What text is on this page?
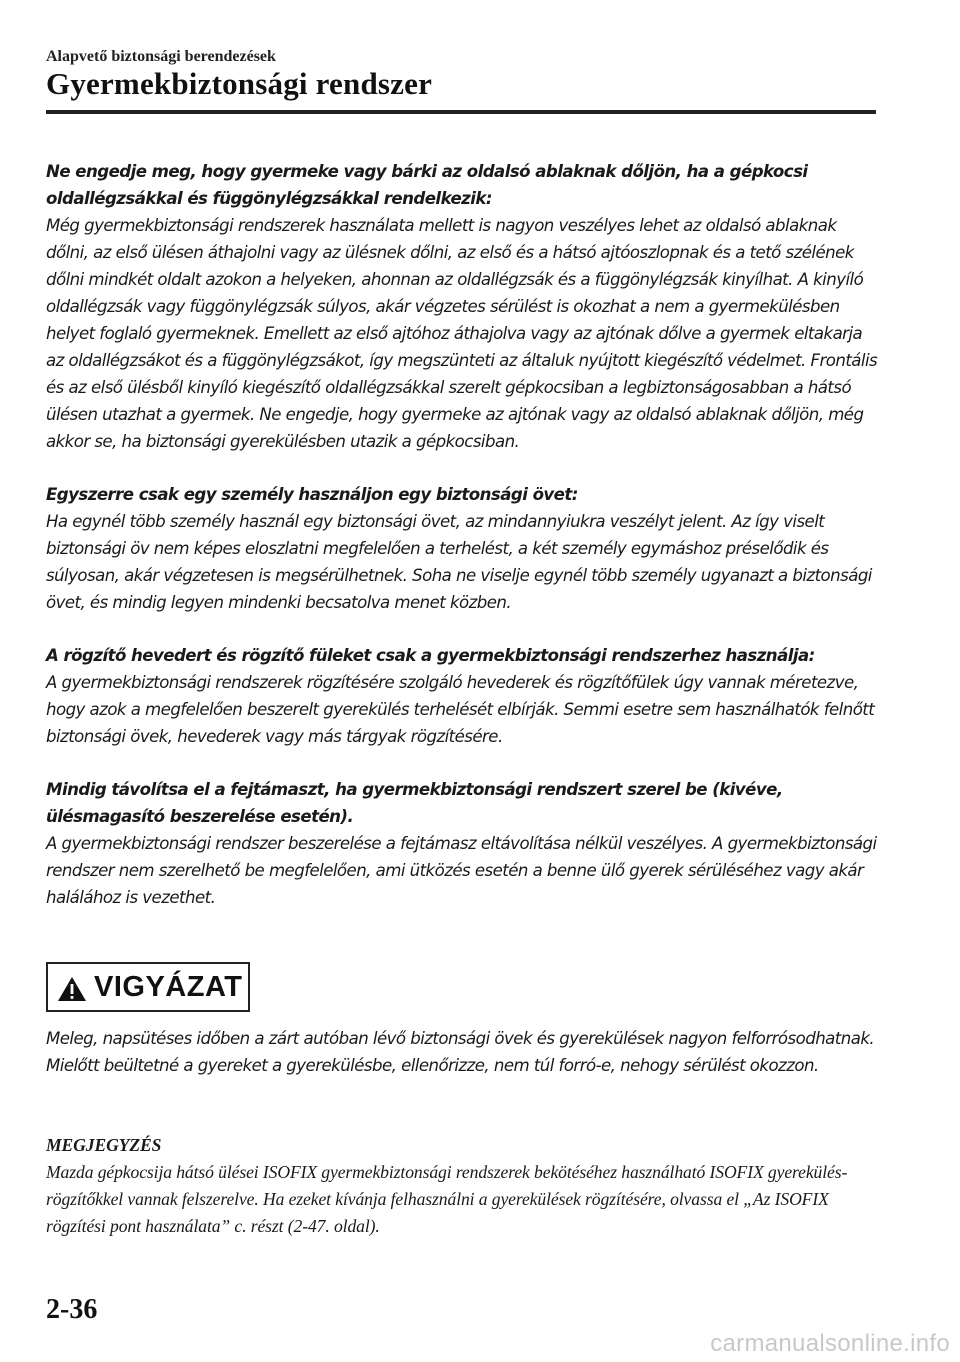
Alapvető biztonsági berendezések
Gyermekbiztonsági rendszer

Ne engedje meg, hogy gyermeke vagy bárki az oldalsó ablaknak dőljön, ha a gépkocsi oldallégzsákkal és függönylégzsákkal rendelkezik:

Még gyermekbiztonsági rendszerek használata mellett is nagyon veszélyes lehet az oldalsó ablaknak dőlni, az első ülésen áthajolni vagy az ülésnek dőlni, az első és a hátsó ajtóoszlopnak és a tető szélének dőlni mindkét oldalt azokon a helyeken, ahonnan az oldallégzsák és a függönylégzsák kinyílhat. A kinyíló oldallégzsák vagy függönylégzsák súlyos, akár végzetes sérülést is okozhat a nem a gyermekülésben helyet foglaló gyermeknek. Emellett az első ajtóhoz áthajolva vagy az ajtónak dőlve a gyermek eltakarja az oldallégzsákot és a függönylégzsákot, így megszünteti az általuk nyújtott kiegészítő védelmet. Frontális és az első ülésből kinyíló kiegészítő oldallégzsákkal szerelt gépkocsiban a legbiztonságosabban a hátsó ülésen utazhat a gyermek. Ne engedje, hogy gyermeke az ajtónak vagy az oldalsó ablaknak dőljön, még akkor se, ha biztonsági gyerekülésben utazik a gépkocsiban.

Egyszerre csak egy személy használjon egy biztonsági övet:

Ha egynél több személy használ egy biztonsági övet, az mindannyiukra veszélyt jelent. Az így viselt biztonsági öv nem képes eloszlatni megfelelően a terhelést, a két személy egymáshoz préselődik és súlyosan, akár végzetesen is megsérülhetnek. Soha ne viselje egynél több személy ugyanazt a biztonsági övet, és mindig legyen mindenki becsatolva menet közben.

A rögzítő hevedert és rögzítő füleket csak a gyermekbiztonsági rendszerhez használja:

A gyermekbiztonsági rendszerek rögzítésére szolgáló hevederek és rögzítőfülek úgy vannak méretezve, hogy azok a megfelelően beszerelt gyerekülés terhelését elbírják. Semmi esetre sem használhatók felnőtt biztonsági övek, hevederek vagy más tárgyak rögzítésére.

Mindig távolítsa el a fejtámaszt, ha gyermekbiztonsági rendszert szerel be (kivéve, ülésmagasító beszerelése esetén).

A gyermekbiztonsági rendszer beszerelése a fejtámasz eltávolítása nélkül veszélyes. A gyermekbiztonsági rendszer nem szerelhető be megfelelően, ami ütközés esetén a benne ülő gyerek sérüléséhez vagy akár halálához is vezethet.

VIGYÁZAT
Meleg, napsütéses időben a zárt autóban lévő biztonsági övek és gyerekülések nagyon felforrósodhatnak. Mielőtt beültetné a gyereket a gyerekülésbe, ellenőrizze, nem túl forró-e, nehogy sérülést okozzon.

MEGJEGYZÉS

Mazda gépkocsija hátsó ülései ISOFIX gyermekbiztonsági rendszerek bekötéséhez használható ISOFIX gyerekülés-rögzítőkkel vannak felszerelve. Ha ezeket kívánja felhasználni a gyerekülések rögzítésére, olvassa el „Az ISOFIX rögzítési pont használata” c. részt (2-47. oldal).

2-36
carmanualsonline.info
